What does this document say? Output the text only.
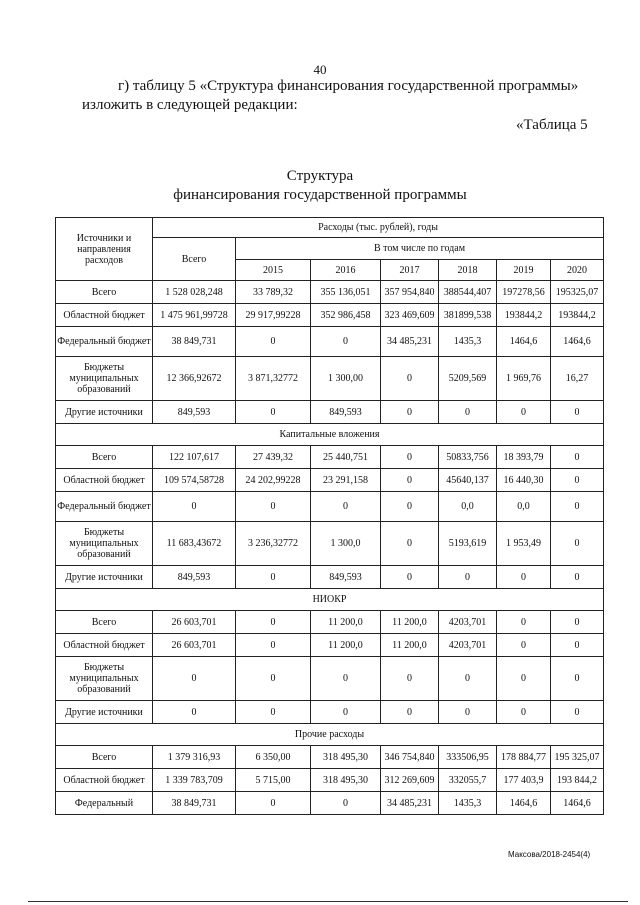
40
г) таблицу 5 «Структура финансирования государственной программы»
изложить в следующей редакции:
«Таблица 5
Структура
финансирования государственной программы
Источники и направления расходов	Расходы (тыс. рублей), годы						
	Всего	В том числе по годам					
		2015	2016	2017	2018	2019	2020
Всего	1 528 028,248	33 789,32	355 136,051	357 954,840	388544,407	197278,56	195325,07
Областной бюджет	1 475 961,99728	29 917,99228	352 986,458	323 469,609	381899,538	193844,2	193844,2
Федеральный бюджет	38 849,731	0	0	34 485,231	1435,3	1464,6	1464,6
Бюджеты муниципальных образований	12 366,92672	3 871,32772	1 300,00	0	5209,569	1 969,76	16,27
Другие источники	849,593	0	849,593	0	0	0	0
Капитальные вложения							
Всего	122 107,617	27 439,32	25 440,751	0	50833,756	18 393,79	0
Областной бюджет	109 574,58728	24 202,99228	23 291,158	0	45640,137	16 440,30	0
Федеральный бюджет	0	0	0	0	0,0	0,0	0
Бюджеты муниципальных образований	11 683,43672	3 236,32772	1 300,0	0	5193,619	1 953,49	0
Другие источники	849,593	0	849,593	0	0	0	0
НИОКР							
Всего	26 603,701	0	11 200,0	11 200,0	4203,701	0	0
Областной бюджет	26 603,701	0	11 200,0	11 200,0	4203,701	0	0
Бюджеты муниципальных образований	0	0	0	0	0	0	0
Другие источники	0	0	0	0	0	0	0
Прочие расходы							
Всего	1 379 316,93	6 350,00	318 495,30	346 754,840	333506,95	178 884,77	195 325,07
Областной бюджет	1 339 783,709	5 715,00	318 495,30	312 269,609	332055,7	177 403,9	193 844,2
Федеральный	38 849,731	0	0	34 485,231	1435,3	1464,6	1464,6
Максова/2018-2454(4)
